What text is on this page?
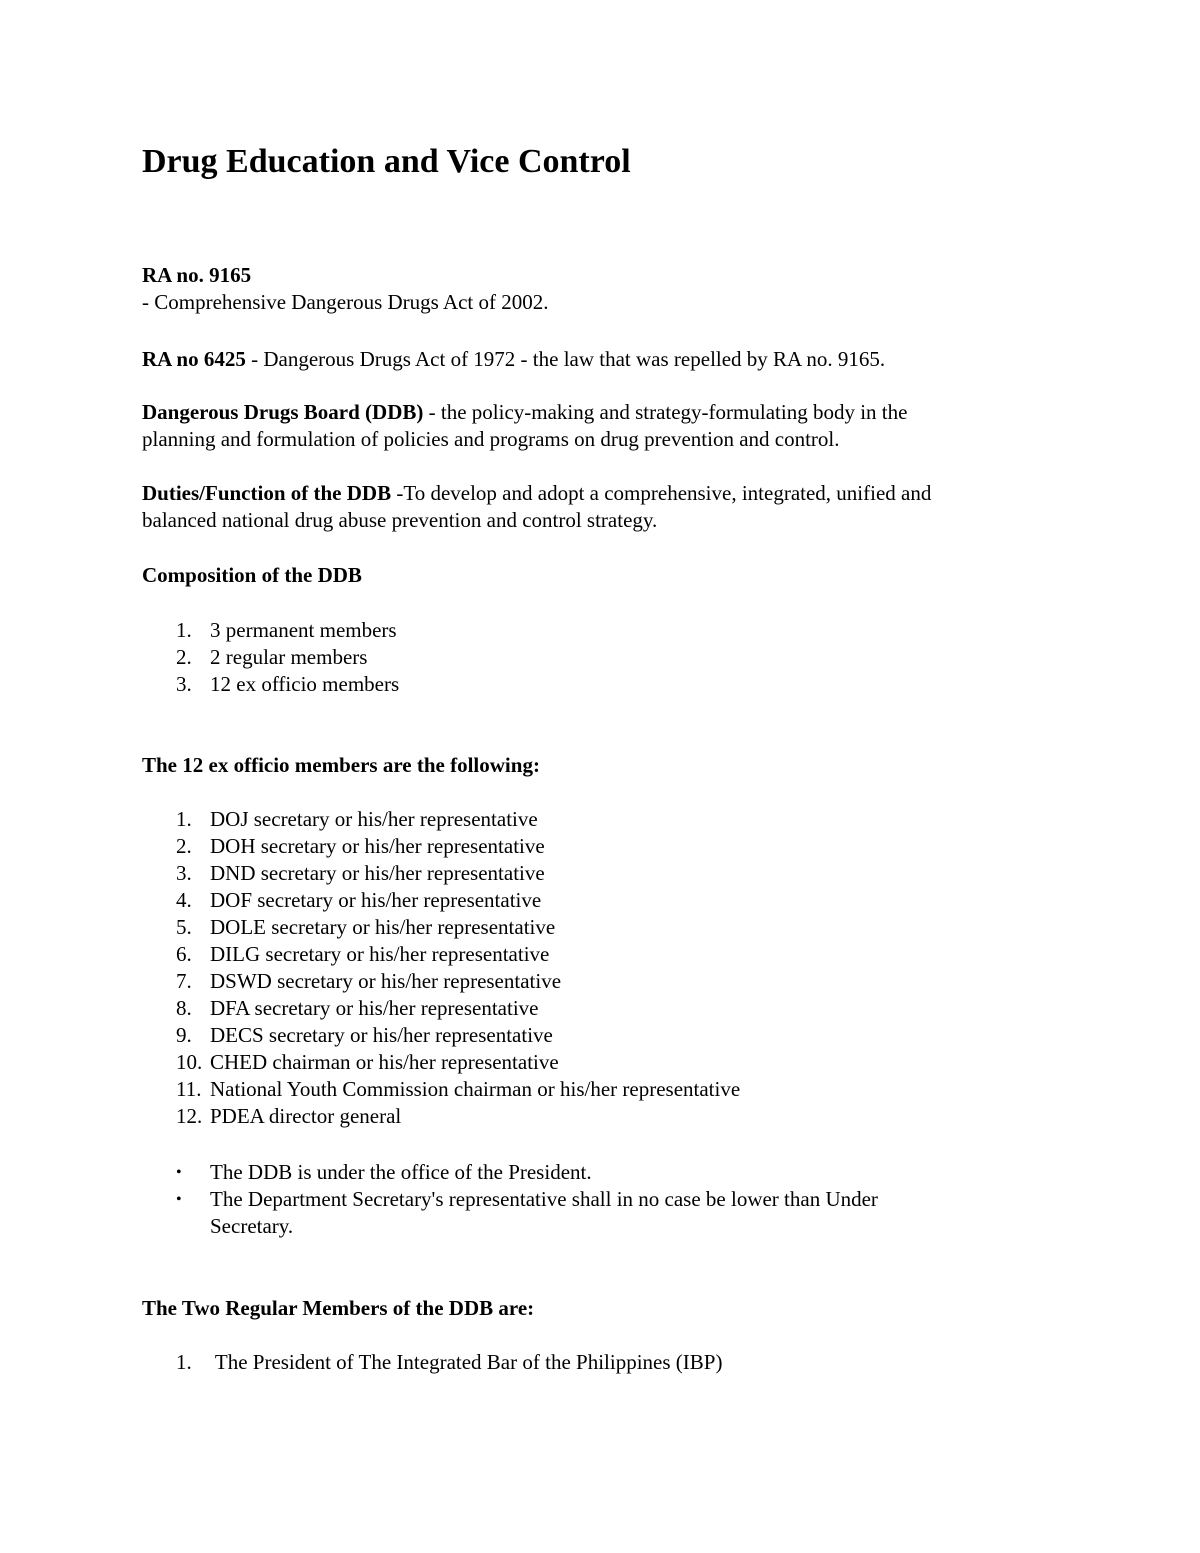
Drug Education and Vice Control
RA no. 9165
- Comprehensive Dangerous Drugs Act of 2002.
RA no 6425 - Dangerous Drugs Act of 1972 - the law that was repelled by RA no. 9165.
Dangerous Drugs Board (DDB) - the policy-making and strategy-formulating body in the
planning and formulation of policies and programs on drug prevention and control.
Duties/Function of the DDB -To develop and adopt a comprehensive, integrated, unified and
balanced national drug abuse prevention and control strategy.
Composition of the DDB
1. 3 permanent members
2. 2 regular members
3. 12 ex officio members
The 12 ex officio members are the following:
1. DOJ secretary or his/her representative
2. DOH secretary or his/her representative
3. DND secretary or his/her representative
4. DOF secretary or his/her representative
5. DOLE secretary or his/her representative
6. DILG secretary or his/her representative
7. DSWD secretary or his/her representative
8. DFA secretary or his/her representative
9. DECS secretary or his/her representative
10. CHED chairman or his/her representative
11. National Youth Commission chairman or his/her representative
12. PDEA director general
• The DDB is under the office of the President.
• The Department Secretary's representative shall in no case be lower than Under
Secretary.
The Two Regular Members of the DDB are:
1. The President of The Integrated Bar of the Philippines (IBP)
